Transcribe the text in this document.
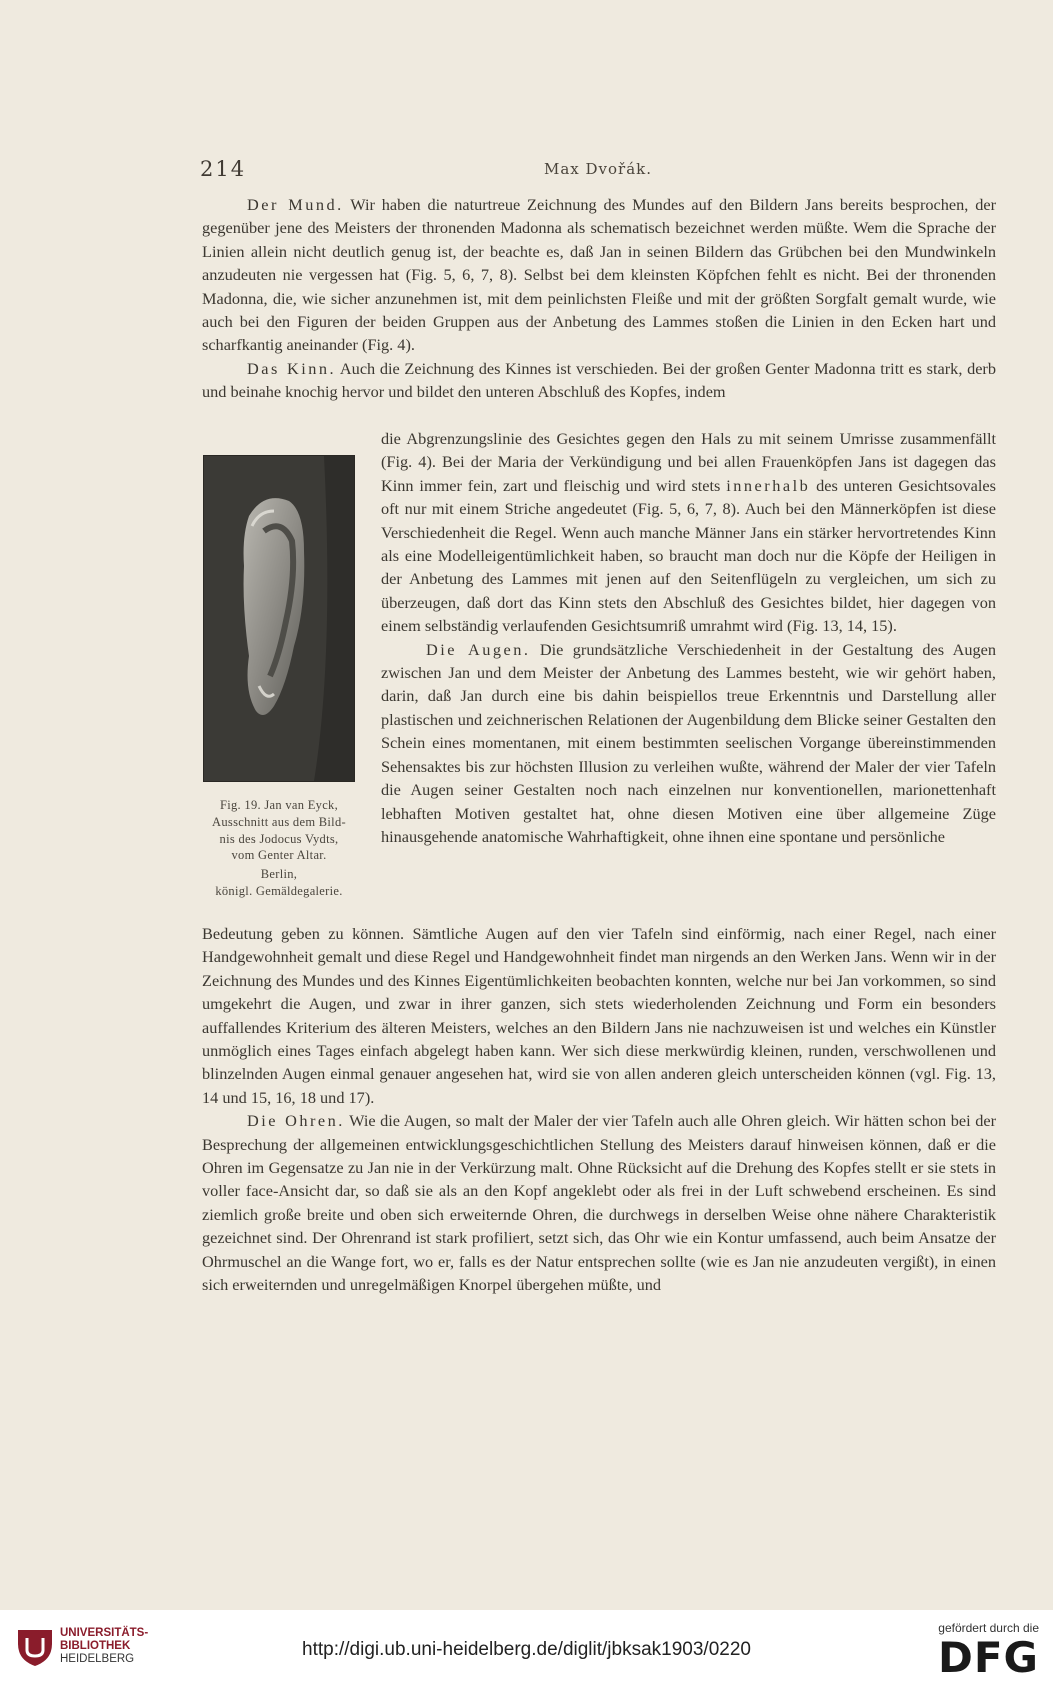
214	Max Dvořák.

Der Mund. Wir haben die naturtreue Zeichnung des Mundes auf den Bildern Jans bereits besprochen, der gegenüber jene des Meisters der thronenden Madonna als schematisch bezeichnet werden müßte. Wem die Sprache der Linien allein nicht deutlich genug ist, der beachte es, daß Jan in seinen Bildern das Grübchen bei den Mundwinkeln anzudeuten nie vergessen hat (Fig. 5, 6, 7, 8). Selbst bei dem kleinsten Köpfchen fehlt es nicht. Bei der thronenden Madonna, die, wie sicher anzunehmen ist, mit dem peinlichsten Fleiße und mit der größten Sorgfalt gemalt wurde, wie auch bei den Figuren der beiden Gruppen aus der Anbetung des Lammes stoßen die Linien in den Ecken hart und scharfkantig aneinander (Fig. 4).

Das Kinn. Auch die Zeichnung des Kinnes ist verschieden. Bei der großen Genter Madonna tritt es stark, derb und beinahe knochig hervor und bildet den unteren Abschluß des Kopfes, indem

Fig. 19. Jan van Eyck,
Ausschnitt aus dem Bild-
nis des Jodocus Vydts,
vom Genter Altar.
Berlin,
königl. Gemäldegalerie.

die Abgrenzungslinie des Gesichtes gegen den Hals zu mit seinem Umrisse zusammenfällt (Fig. 4). Bei der Maria der Verkündigung und bei allen Frauenköpfen Jans ist dagegen das Kinn immer fein, zart und fleischig und wird stets innerhalb des unteren Gesichtsovales oft nur mit einem Striche angedeutet (Fig. 5, 6, 7, 8). Auch bei den Männerköpfen ist diese Verschiedenheit die Regel. Wenn auch manche Männer Jans ein stärker hervortretendes Kinn als eine Modelleigentümlichkeit haben, so braucht man doch nur die Köpfe der Heiligen in der Anbetung des Lammes mit jenen auf den Seitenflügeln zu vergleichen, um sich zu überzeugen, daß dort das Kinn stets den Abschluß des Gesichtes bildet, hier dagegen von einem selbständig verlaufenden Gesichtsumriß umrahmt wird (Fig. 13, 14, 15).

Die Augen. Die grundsätzliche Verschiedenheit in der Gestaltung des Augen zwischen Jan und dem Meister der Anbetung des Lammes besteht, wie wir gehört haben, darin, daß Jan durch eine bis dahin beispiellos treue Erkenntnis und Darstellung aller plastischen und zeichnerischen Relationen der Augenbildung dem Blicke seiner Gestalten den Schein eines momentanen, mit einem bestimmten seelischen Vorgange übereinstimmenden Sehensaktes bis zur höchsten Illusion zu verleihen wußte, während der Maler der vier Tafeln die Augen seiner Gestalten noch nach einzelnen nur konventionellen, marionettenhaft lebhaften Motiven gestaltet hat, ohne diesen Motiven eine über allgemeine Züge hinausgehende anatomische Wahrhaftigkeit, ohne ihnen eine spontane und persönliche

Bedeutung geben zu können. Sämtliche Augen auf den vier Tafeln sind einförmig, nach einer Regel, nach einer Handgewohnheit gemalt und diese Regel und Handgewohnheit findet man nirgends an den Werken Jans. Wenn wir in der Zeichnung des Mundes und des Kinnes Eigentümlichkeiten beobachten konnten, welche nur bei Jan vorkommen, so sind umgekehrt die Augen, und zwar in ihrer ganzen, sich stets wiederholenden Zeichnung und Form ein besonders auffallendes Kriterium des älteren Meisters, welches an den Bildern Jans nie nachzuweisen ist und welches ein Künstler unmöglich eines Tages einfach abgelegt haben kann. Wer sich diese merkwürdig kleinen, runden, verschwollenen und blinzelnden Augen einmal genauer angesehen hat, wird sie von allen anderen gleich unterscheiden können (vgl. Fig. 13, 14 und 15, 16, 18 und 17).

Die Ohren. Wie die Augen, so malt der Maler der vier Tafeln auch alle Ohren gleich. Wir hätten schon bei der Besprechung der allgemeinen entwicklungsgeschichtlichen Stellung des Meisters darauf hinweisen können, daß er die Ohren im Gegensatze zu Jan nie in der Verkürzung malt. Ohne Rücksicht auf die Drehung des Kopfes stellt er sie stets in voller face-Ansicht dar, so daß sie als an den Kopf angeklebt oder als frei in der Luft schwebend erscheinen. Es sind ziemlich große breite und oben sich erweiternde Ohren, die durchwegs in derselben Weise ohne nähere Charakteristik gezeichnet sind. Der Ohrenrand ist stark profiliert, setzt sich, das Ohr wie ein Kontur umfassend, auch beim Ansatze der Ohrmuschel an die Wange fort, wo er, falls es der Natur entsprechen sollte (wie es Jan nie anzudeuten vergißt), in einen sich erweiternden und unregelmäßigen Knorpel übergehen müßte, und

UNIVERSITÄTS-
BIBLIOTHEK
HEIDELBERG	http://digi.ub.uni-heidelberg.de/diglit/jbksak1903/0220
gefördert durch die
DFG
